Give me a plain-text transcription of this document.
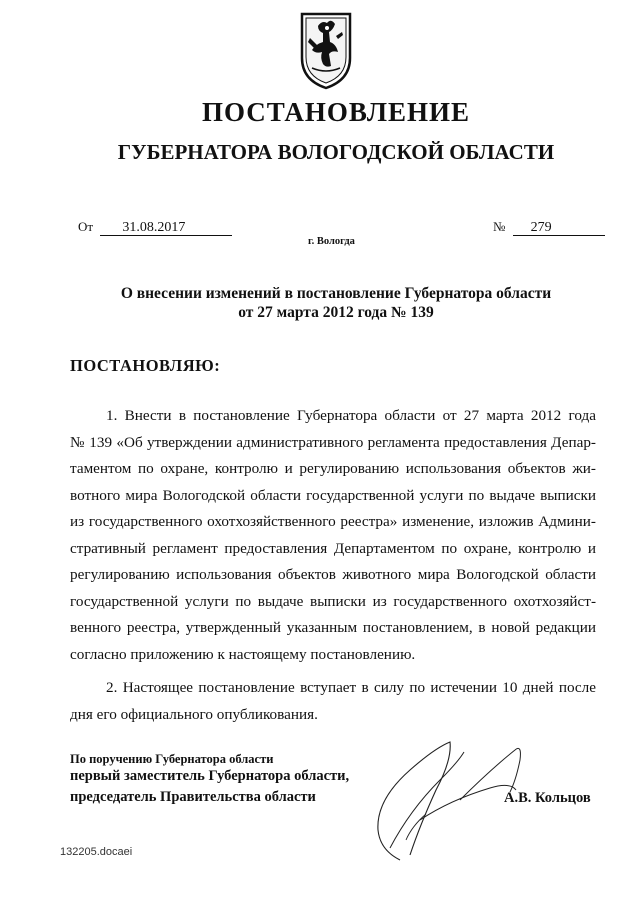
ПОСТАНОВЛЕНИЕ
ГУБЕРНАТОРА ВОЛОГОДСКОЙ ОБЛАСТИ
От 31.08.2017	№ 279
г. Вологда
О внесении изменений в постановление Губернатора области
от 27 марта 2012 года № 139
ПОСТАНОВЛЯЮ:
1. Внести в постановление Губернатора области от 27 марта 2012 года
№ 139 «Об утверждении административного регламента предоставления Депар-
таментом по охране, контролю и регулированию использования объектов жи-
вотного мира Вологодской области государственной услуги по выдаче выписки
из государственного охотхозяйственного реестра» изменение, изложив Админи-
стративный регламент предоставления Департаментом по охране, контролю и
регулированию использования объектов животного мира Вологодской области
государственной услуги по выдаче выписки из государственного охотхозяйст-
венного реестра, утвержденный указанным постановлением, в новой редакции
согласно приложению к настоящему постановлению.
2. Настоящее постановление вступает в силу по истечении 10 дней после
дня его официального опубликования.
По поручению Губернатора области
первый заместитель Губернатора области,
председатель Правительства области	А.В. Кольцов
132205.docaei
